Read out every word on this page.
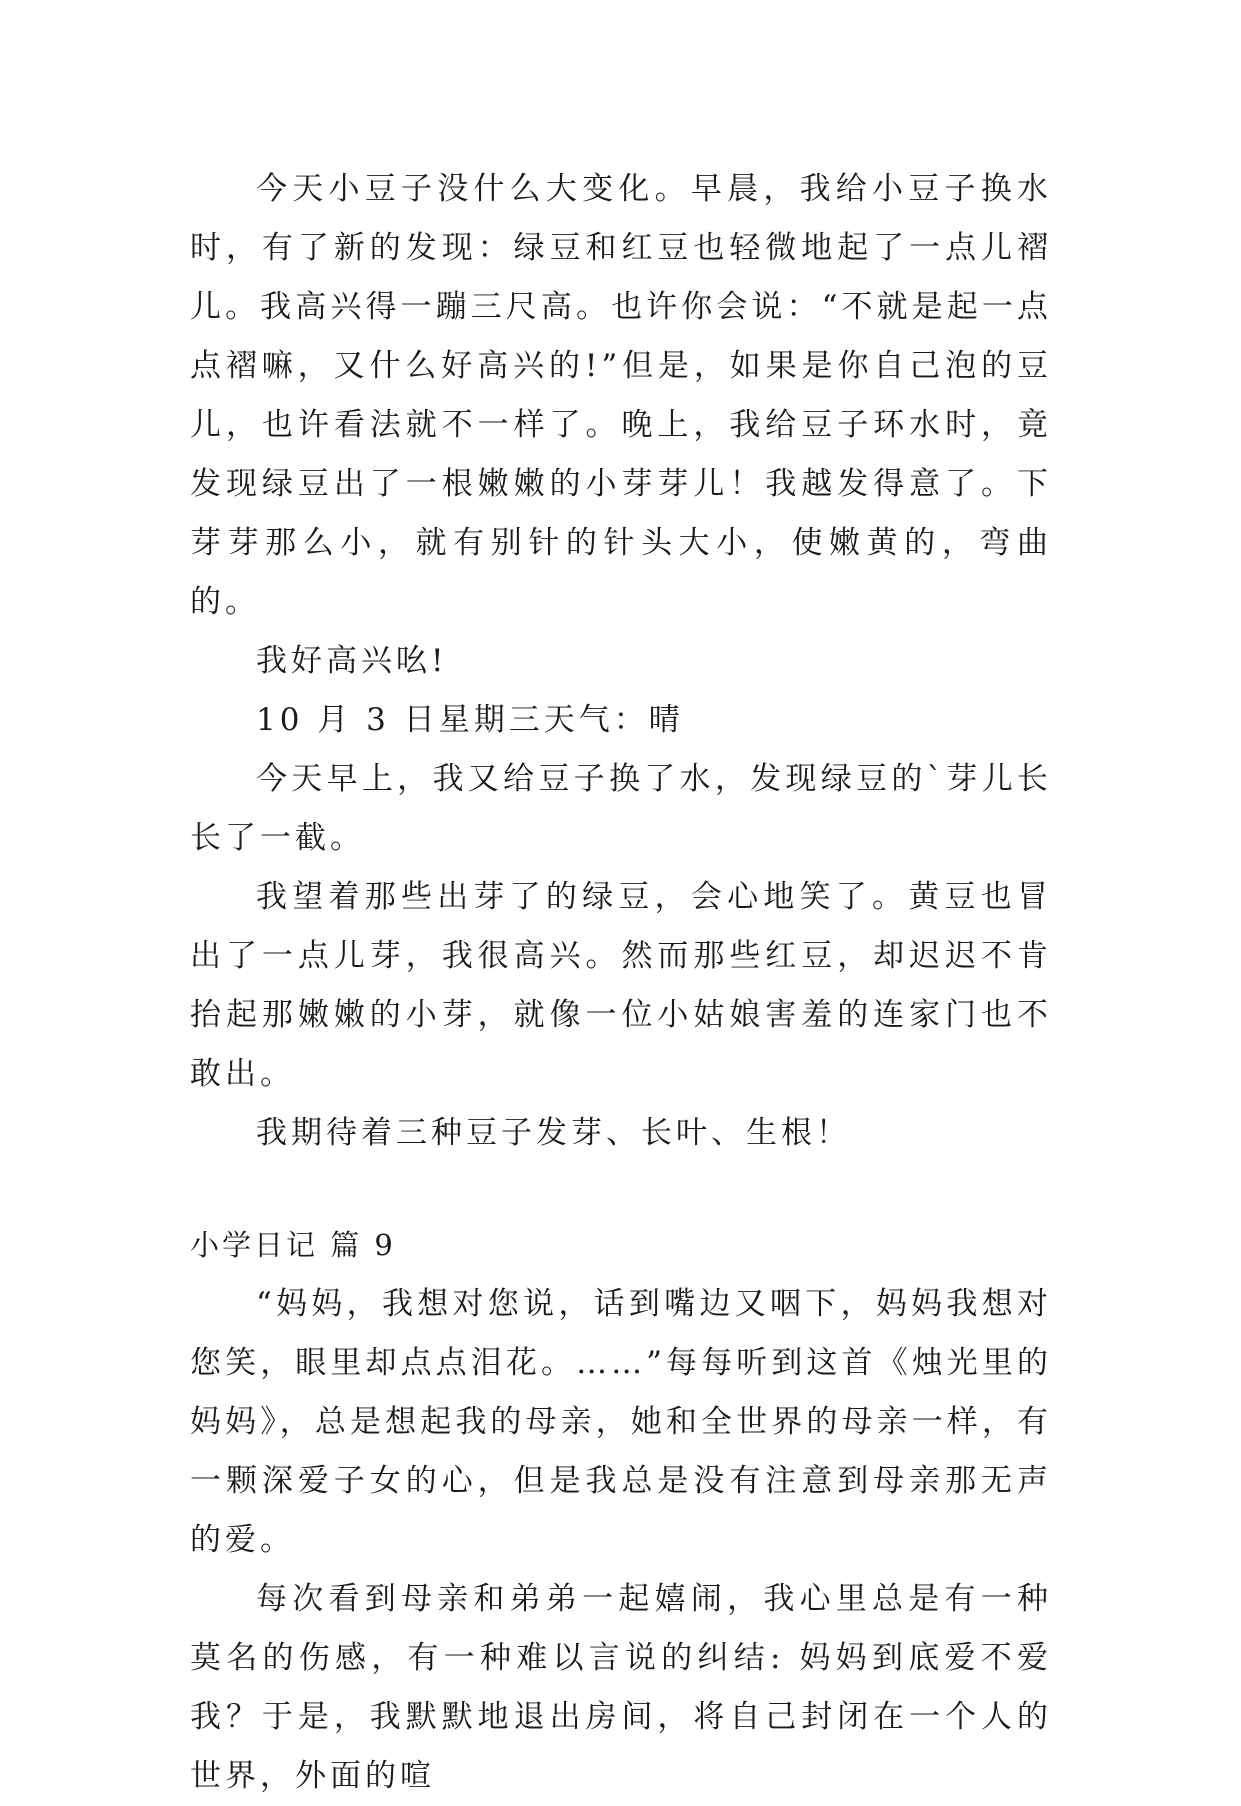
今天小豆子没什么大变化。早晨，我给小豆子换水时，有了新的发现：绿豆和红豆也轻微地起了一点儿褶儿。我高兴得一蹦三尺高。也许你会说：“不就是起一点点褶嘛，又什么好高兴的!”但是，如果是你自己泡的豆儿，也许看法就不一样了。晚上，我给豆子环水时，竟发现绿豆出了一根嫩嫩的小芽芽儿！我越发得意了。下芽芽那么小，就有别针的针头大小，使嫩黄的，弯曲的。

我好高兴吆!

10 月 3 日星期三天气：晴

今天早上，我又给豆子换了水，发现绿豆的`芽儿长长了一截。

我望着那些出芽了的绿豆，会心地笑了。黄豆也冒出了一点儿芽，我很高兴。然而那些红豆，却迟迟不肯抬起那嫩嫩的小芽，就像一位小姑娘害羞的连家门也不敢出。

我期待着三种豆子发芽、长叶、生根！

小学日记 篇 9

“妈妈，我想对您说，话到嘴边又咽下，妈妈我想对您笑，眼里却点点泪花。……”每每听到这首《烛光里的妈妈》，总是想起我的母亲，她和全世界的母亲一样，有一颗深爱子女的心，但是我总是没有注意到母亲那无声的爱。

每次看到母亲和弟弟一起嬉闹，我心里总是有一种莫名的伤感，有一种难以言说的纠结: 妈妈到底爱不爱我？于是，我默默地退出房间，将自己封闭在一个人的世界，外面的喧
